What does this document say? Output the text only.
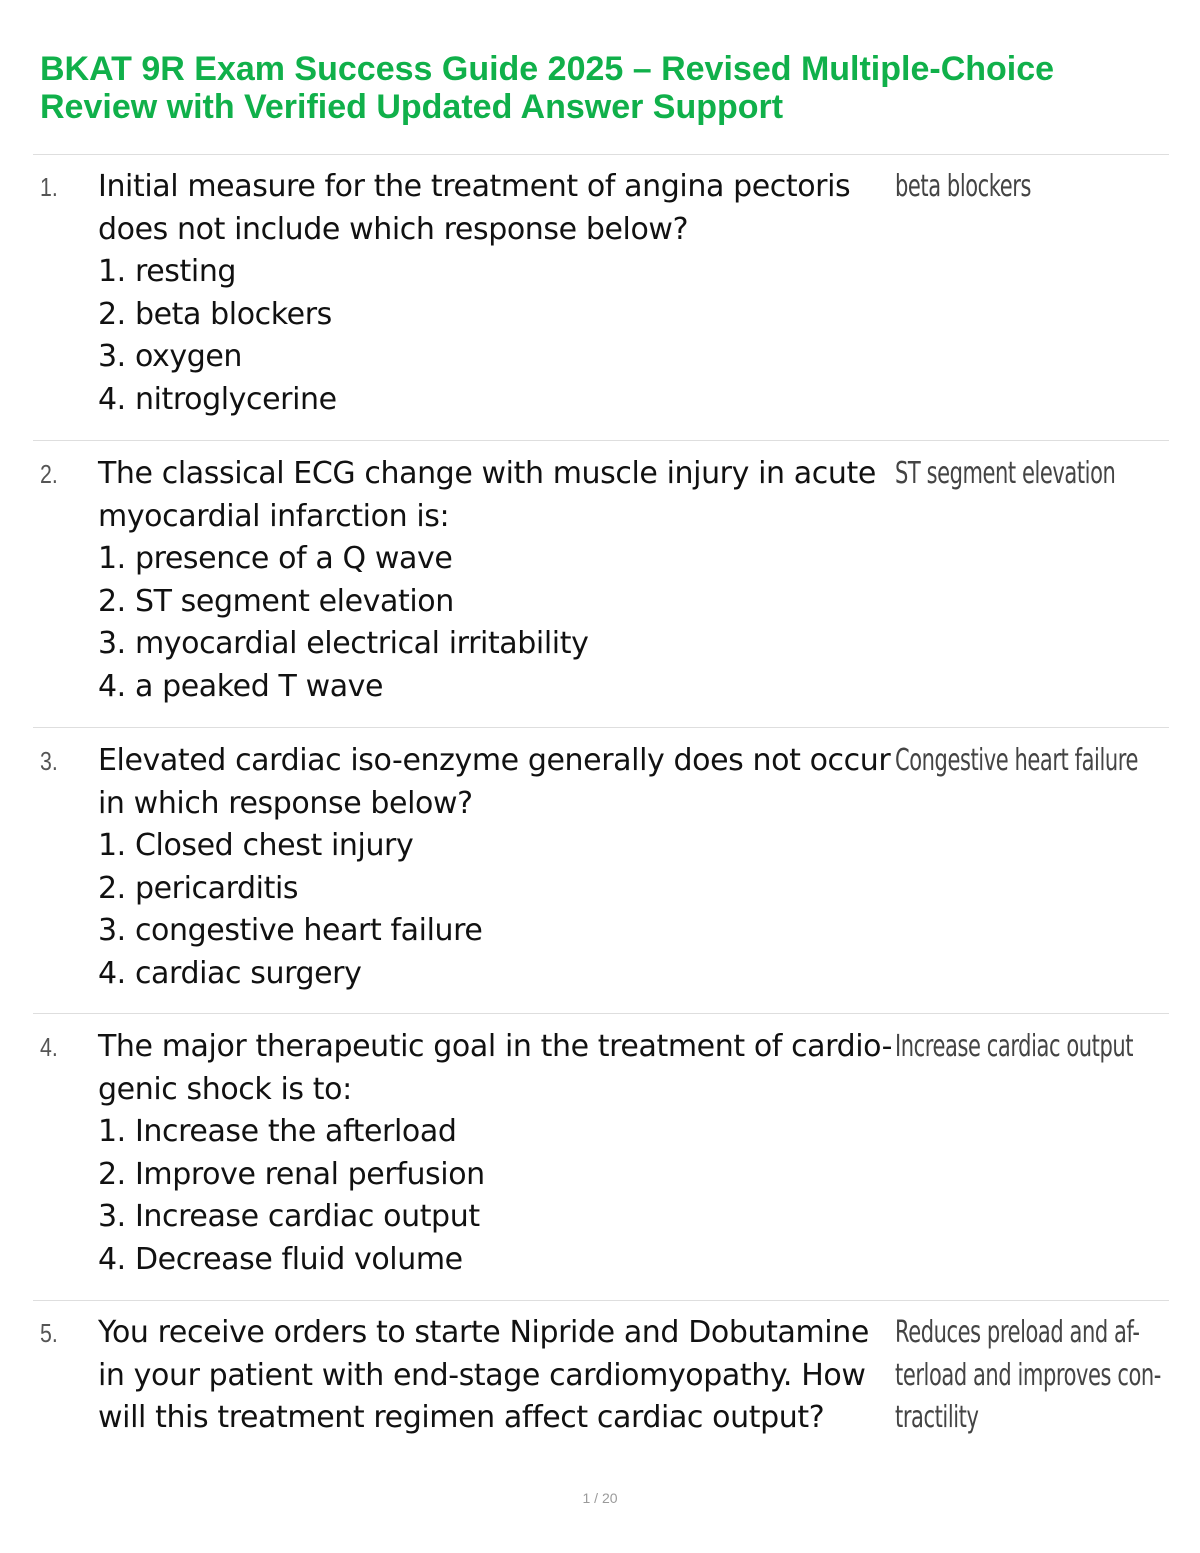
BKAT 9R Exam Success Guide 2025 – Revised Multiple-Choice
Review with Verified Updated Answer Support
1.	Initial measure for the treatment of angina pectoris
does not include which response below?
1. resting
2. beta blockers
3. oxygen
4. nitroglycerine
beta blockers
2.	The classical ECG change with muscle injury in acute
myocardial infarction is:
1. presence of a Q wave
2. ST segment elevation
3. myocardial electrical irritability
4. a peaked T wave
ST segment elevation
3.	Elevated cardiac iso-enzyme generally does not occur
in which response below?
1. Closed chest injury
2. pericarditis
3. congestive heart failure
4. cardiac surgery
Congestive heart failure
4.	The major therapeutic goal in the treatment of cardio-
genic shock is to:
1. Increase the afterload
2. Improve renal perfusion
3. Increase cardiac output
4. Decrease fluid volume
Increase cardiac output
5.	You receive orders to starte Nipride and Dobutamine
in your patient with end-stage cardiomyopathy. How
will this treatment regimen affect cardiac output?
Reduces preload and af-
terload and improves con-
tractility
1 / 20
